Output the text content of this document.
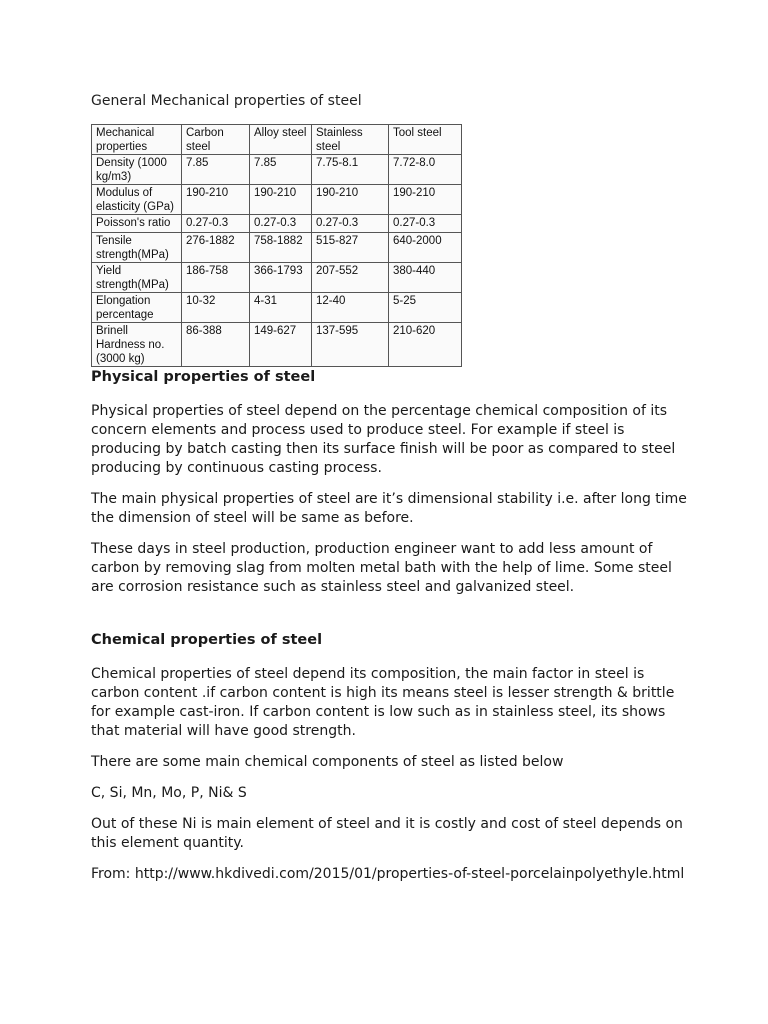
General Mechanical properties of steel
Mechanical properties	Carbon steel	Alloy steel	Stainless steel	Tool steel
Density (1000 kg/m3)	7.85	7.85	7.75-8.1	7.72-8.0
Modulus of elasticity (GPa)	190-210	190-210	190-210	190-210
Poisson's ratio	0.27-0.3	0.27-0.3	0.27-0.3	0.27-0.3
Tensile strength(MPa)	276-1882	758-1882	515-827	640-2000
Yield strength(MPa)	186-758	366-1793	207-552	380-440
Elongation percentage	10-32	4-31	12-40	5-25
Brinell Hardness no. (3000 kg)	86-388	149-627	137-595	210-620
Physical properties of steel

Physical properties of steel depend on the percentage chemical composition of its concern elements and process used to produce steel. For example if steel is producing by batch casting then its surface finish will be poor as compared to steel producing by continuous casting process.

The main physical properties of steel are it’s dimensional stability i.e. after long time the dimension of steel will be same as before.

These days in steel production, production engineer want to add less amount of carbon by removing slag from molten metal bath with the help of lime. Some steel are corrosion resistance such as stainless steel and galvanized steel.

Chemical properties of steel

Chemical properties of steel depend its composition, the main factor in steel is carbon content .if carbon content is high its means steel is lesser strength & brittle for example cast-iron. If carbon content is low such as in stainless steel, its shows that material will have good strength.

There are some main chemical components of steel as listed below

C, Si, Mn, Mo, P, Ni& S

Out of these Ni is main element of steel and it is costly and cost of steel depends on this element quantity.

From: http://www.hkdivedi.com/2015/01/properties-of-steel-porcelainpolyethyle.html
